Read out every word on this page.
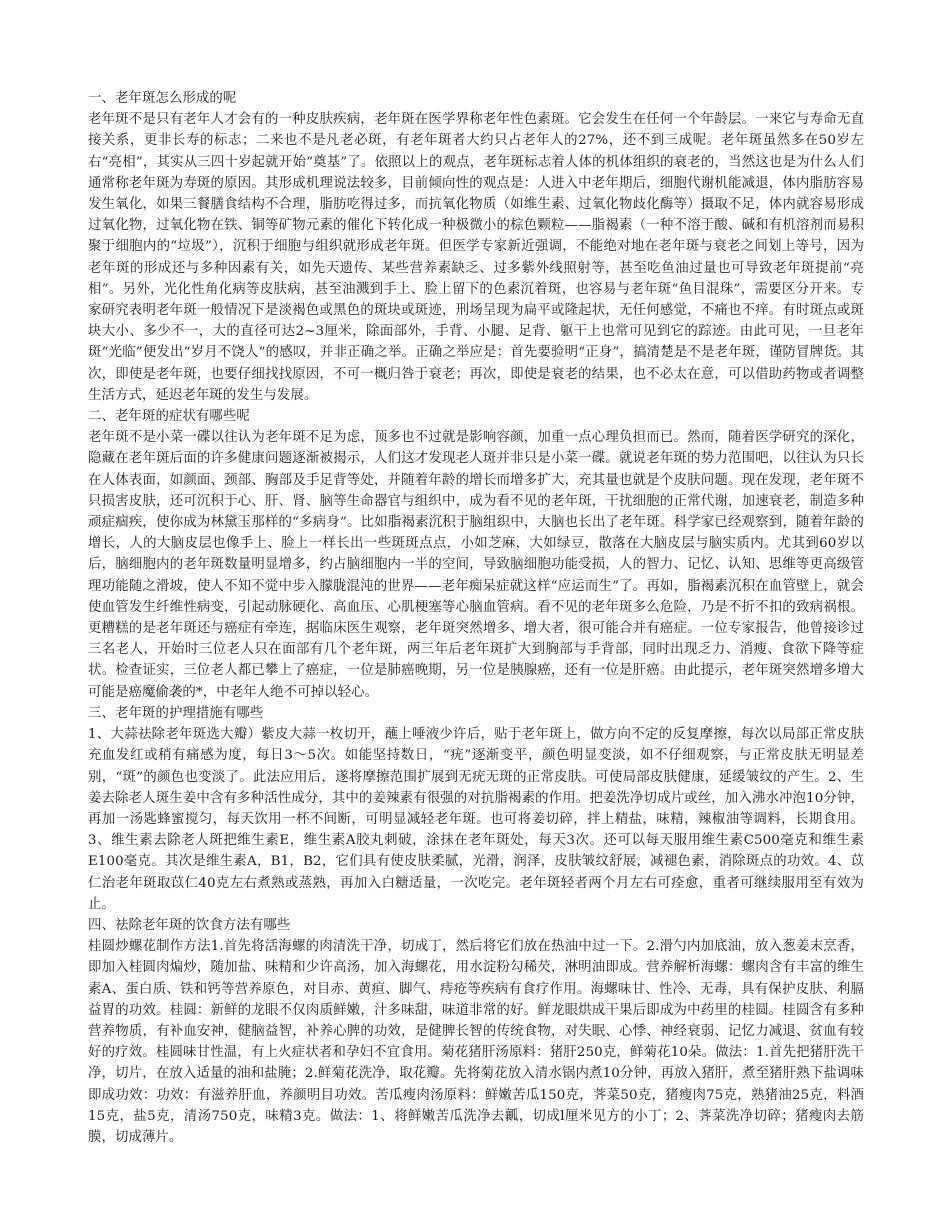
一、老年斑怎么形成的呢

老年斑不是只有老年人才会有的一种皮肤疾病，老年斑在医学界称老年性色素斑。它会发生在任何一个年龄层。一来它与寿命无直接关系，更非长寿的标志；二来也不是凡老必斑，有老年斑者大约只占老年人的27%，还不到三成呢。老年斑虽然多在50岁左右“亮相”，其实从三四十岁起就开始“奠基”了。依照以上的观点，老年斑标志着人体的机体组织的衰老的，当然这也是为什么人们通常称老年斑为寿斑的原因。其形成机理说法较多，目前倾向性的观点是：人进入中老年期后，细胞代谢机能减退，体内脂肪容易发生氧化，如果三餐膳食结构不合理，脂肪吃得过多，而抗氧化物质（如维生素、过氧化物歧化酶等）摄取不足，体内就容易形成过氧化物，过氧化物在铁、铜等矿物元素的催化下转化成一种极微小的棕色颗粒——脂褐素（一种不溶于酸、碱和有机溶剂而易积聚于细胞内的“垃圾”），沉积于细胞与组织就形成老年斑。但医学专家新近强调，不能绝对地在老年斑与衰老之间划上等号，因为老年斑的形成还与多种因素有关，如先天遗传、某些营养素缺乏、过多紫外线照射等，甚至吃鱼油过量也可导致老年斑提前“亮相”。另外，光化性角化病等皮肤病，甚至油溅到手上、脸上留下的色素沉着斑，也容易与老年斑“鱼目混珠”，需要区分开来。专家研究表明老年斑一般情况下是淡褐色或黑色的斑块或斑迹，刑场呈现为扁平或隆起状，无任何感觉，不痛也不痒。有时斑点或斑块大小、多少不一，大的直径可达2~3厘米，除面部外，手背、小腿、足背、躯干上也常可见到它的踪迹。由此可见，一旦老年斑“光临”便发出“岁月不饶人”的感叹，并非正确之举。正确之举应是：首先要验明“正身”，搞清楚是不是老年斑，谨防冒牌货。其次，即使是老年斑，也要仔细找找原因，不可一概归咎于衰老；再次，即使是衰老的结果，也不必太在意，可以借助药物或者调整生活方式，延迟老年斑的发生与发展。

二、老年斑的症状有哪些呢

老年斑不是小菜一碟以往认为老年斑不足为虑，顶多也不过就是影响容颜，加重一点心理负担而已。然而，随着医学研究的深化，隐藏在老年斑后面的许多健康问题逐渐被揭示，人们这才发现老人斑并非只是小菜一碟。就说老年斑的势力范围吧，以往认为只长在人体表面，如颜面、颈部、胸部及手足背等处，并随着年龄的增长而增多扩大，充其量也就是个皮肤问题。现在发现，老年斑不只损害皮肤，还可沉积于心、肝、肾、脑等生命器官与组织中，成为看不见的老年斑，干扰细胞的正常代谢，加速衰老，制造多种顽症痼疾，使你成为林黛玉那样的“多病身”。比如脂褐素沉积于脑组织中，大脑也长出了老年斑。科学家已经观察到，随着年龄的增长，人的大脑皮层也像手上、脸上一样长出一些斑斑点点，小如芝麻，大如绿豆，散落在大脑皮层与脑实质内。尤其到60岁以后，脑细胞内的老年斑数量明显增多，约占脑细胞内一半的空间，导致脑细胞功能受损，人的智力、记忆、认知、思维等更高级管理功能随之滑坡，使人不知不觉中步入朦胧混沌的世界——老年痴呆症就这样“应运而生”了。再如，脂褐素沉积在血管壁上，就会使血管发生纤维性病变，引起动脉硬化、高血压、心肌梗塞等心脑血管病。看不见的老年斑多么危险，乃是不折不扣的致病祸根。更糟糕的是老年斑还与癌症有牵连，据临床医生观察，老年斑突然增多、增大者，很可能合并有癌症。一位专家报告，他曾接诊过三名老人，开始时三位老人只在面部有几个老年斑，两三年后老年斑扩大到胸部与手背部，同时出现乏力、消瘦、食欲下降等症状。检查证实，三位老人都已攀上了癌症，一位是肺癌晚期，另一位是胰腺癌，还有一位是肝癌。由此提示，老年斑突然增多增大可能是癌魔偷袭的*，中老年人绝不可掉以轻心。

三、老年斑的护理措施有哪些

1、大蒜祛除老年斑选大瓣）紫皮大蒜一枚切开，蘸上唾液少许后，贴于老年斑上，做方向不定的反复摩擦，每次以局部正常皮肤充血发红或稍有痛感为度，每日3～5次。如能坚持数日，“疣”逐渐变平，颜色明显变淡，如不仔细观察，与正常皮肤无明显差别，“斑”的颜色也变淡了。此法应用后，遂将摩擦范围扩展到无疣无斑的正常皮肤。可使局部皮肤健康，延缓皱纹的产生。2、生姜去除老人斑生姜中含有多种活性成分，其中的姜辣素有很强的对抗脂褐素的作用。把姜洗净切成片或丝，加入沸水冲泡10分钟，再加一汤匙蜂蜜搅匀，每天饮用一杯不间断，可明显减轻老年斑。也可将姜切碎，拌上精盐，味精，辣椒油等调料，长期食用。3、维生素去除老人斑把维生素E，维生素A胶丸刺破，涂抹在老年斑处，每天3次。还可以每天服用维生素C500毫克和维生素E100毫克。其次是维生素A，B1，B2，它们具有使皮肤柔腻，光滑，润泽，皮肤皱纹舒展，减褪色素，消除斑点的功效。4、苡仁治老年斑取苡仁40克左右煮熟或蒸熟，再加入白糖适量，一次吃完。老年斑轻者两个月左右可痊愈，重者可继续服用至有效为止。

四、祛除老年斑的饮食方法有哪些

桂圆炒螺花制作方法1.首先将活海螺的肉清洗干净，切成丁，然后将它们放在热油中过一下。2.滑勺内加底油，放入葱姜末烹香，即加入桂圆肉煸炒，随加盐、味精和少许高汤，加入海螺花，用水淀粉勾稀芡，淋明油即成。营养解析海螺：螺肉含有丰富的维生素A、蛋白质、铁和钙等营养原色，对目赤、黄疸、脚气、痔疮等疾病有食疗作用。海螺味甘、性冷、无毒，具有保护皮肤、利膈益胃的功效。桂圆：新鲜的龙眼不仅肉质鲜嫩，汁多味甜，味道非常的好。鲜龙眼烘成干果后即成为中药里的桂圆。桂圆含有多种营养物质，有补血安神，健脑益智，补养心脾的功效，是健脾长智的传统食物，对失眠、心悸、神经衰弱、记忆力减退、贫血有较好的疗效。桂圆味甘性温，有上火症状者和孕妇不宜食用。菊花猪肝汤原料：猪肝250克，鲜菊花10朵。做法：1.首先把猪肝洗干净，切片，在放入适量的油和盐腌；2.鲜菊花洗净，取花瓣。先将菊花放入清水锅内煮10分钟，再放入猪肝，煮至猪肝熟下盐调味即成功效：功效：有滋养肝血，养颜明目功效。苦瓜瘦肉汤原料：鲜嫩苦瓜150克，荠菜50克，猪瘦肉75克，熟猪油25克，料酒15克，盐5克，清汤750克，味精3克。做法：1、将鲜嫩苦瓜洗净去瓤，切成l厘米见方的小丁；2、荠菜洗净切碎；猪瘦肉去筋膜，切成薄片。
